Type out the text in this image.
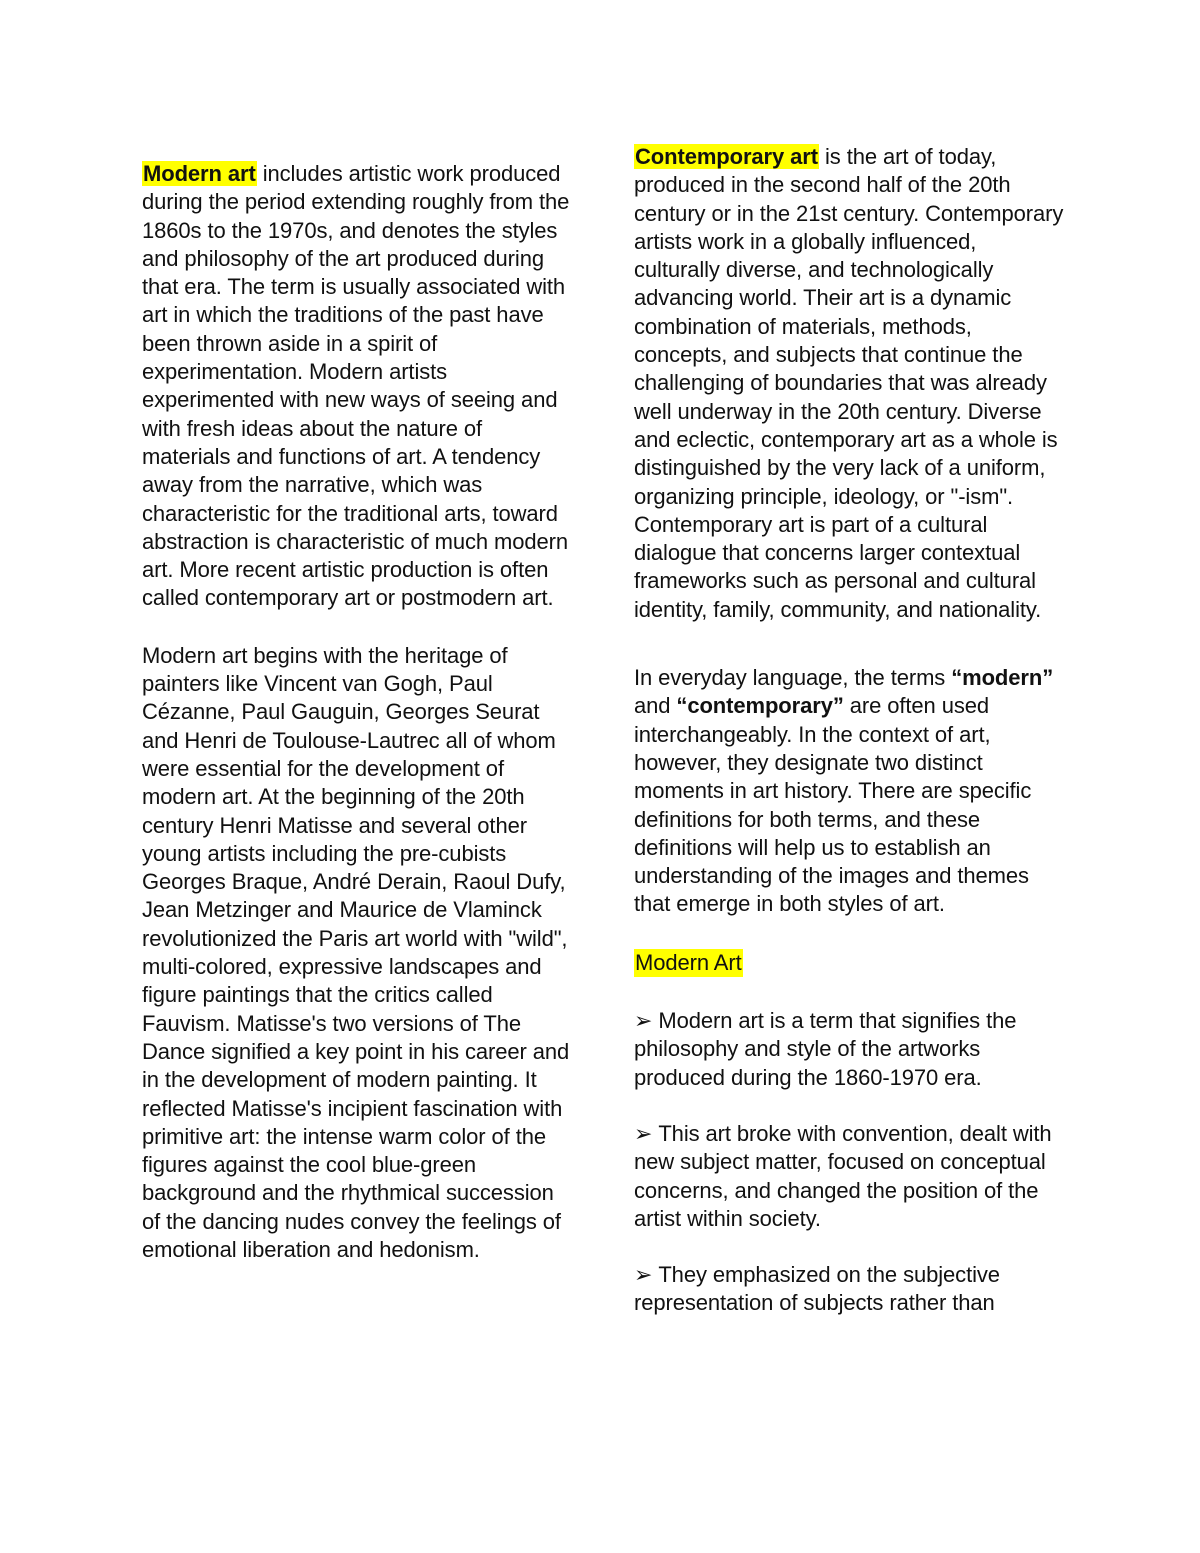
Modern art includes artistic work produced during the period extending roughly from the 1860s to the 1970s, and denotes the styles and philosophy of the art produced during that era. The term is usually associated with art in which the traditions of the past have been thrown aside in a spirit of experimentation. Modern artists experimented with new ways of seeing and with fresh ideas about the nature of materials and functions of art. A tendency away from the narrative, which was characteristic for the traditional arts, toward abstraction is characteristic of much modern art. More recent artistic production is often called contemporary art or postmodern art.

Modern art begins with the heritage of painters like Vincent van Gogh, Paul Cézanne, Paul Gauguin, Georges Seurat and Henri de Toulouse-Lautrec all of whom were essential for the development of modern art. At the beginning of the 20th century Henri Matisse and several other young artists including the pre-cubists Georges Braque, André Derain, Raoul Dufy, Jean Metzinger and Maurice de Vlaminck revolutionized the Paris art world with "wild", multi-colored, expressive landscapes and figure paintings that the critics called Fauvism. Matisse's two versions of The Dance signified a key point in his career and in the development of modern painting. It reflected Matisse's incipient fascination with primitive art: the intense warm color of the figures against the cool blue-green background and the rhythmical succession of the dancing nudes convey the feelings of emotional liberation and hedonism.

Contemporary art is the art of today, produced in the second half of the 20th century or in the 21st century. Contemporary artists work in a globally influenced, culturally diverse, and technologically advancing world. Their art is a dynamic combination of materials, methods, concepts, and subjects that continue the challenging of boundaries that was already well underway in the 20th century. Diverse and eclectic, contemporary art as a whole is distinguished by the very lack of a uniform, organizing principle, ideology, or "-ism". Contemporary art is part of a cultural dialogue that concerns larger contextual frameworks such as personal and cultural identity, family, community, and nationality.

In everyday language, the terms “modern” and “contemporary” are often used interchangeably. In the context of art, however, they designate two distinct moments in art history. There are specific definitions for both terms, and these definitions will help us to establish an understanding of the images and themes that emerge in both styles of art.

Modern Art

➢ Modern art is a term that signifies the philosophy and style of the artworks produced during the 1860-1970 era.

➢ This art broke with convention, dealt with new subject matter, focused on conceptual concerns, and changed the position of the artist within society.

➢ They emphasized on the subjective representation of subjects rather than
